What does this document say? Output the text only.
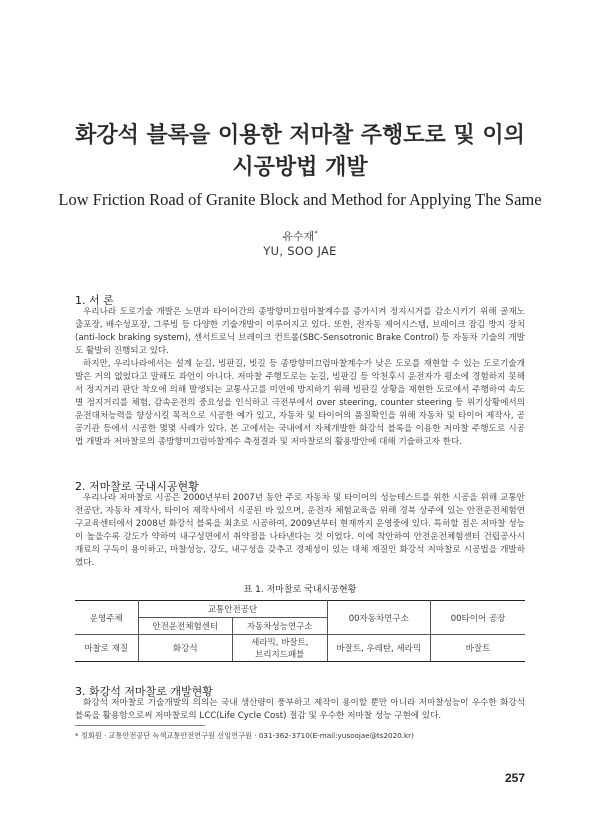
화강석 블록을 이용한 저마찰 주행도로 및 이의
시공방법 개발
Low Friction Road of Granite Block and Method for Applying The Same
유수재*
YU, SOO JAE
1. 서 론

우리나라 도로기술 개발은 노면과 타이어간의 종방향미끄럼마찰계수를 증가시켜 정지시거를 감소시키기 위해 골재노출포장, 배수성포장, 그루빙 등 다양한 기술개발이 이루어지고 있다. 또한, 전자동 제어시스템, 브레이크 잠김 방지 장치(anti-lock braking system), 센서트로닉 브레이크 컨트롤(SBC-Sensotronic Brake Control) 등 자동차 기술의 개발도 활발히 진행되고 있다.

하지만, 우리나라에서는 설계 눈길, 빙판길, 빗길 등 종방향미끄럼마찰계수가 낮은 도로를 재현할 수 있는 도로기술개발은 거의 없었다고 말해도 과언이 아니다. 저마찰 주행도로는 눈길, 빙판길 등 악천후시 운전자가 평소에 경험하지 못해서 정지거리 판단 착오에 의해 발생되는 교통사고를 미연에 방지하기 위해 빙판길 상황을 재현한 도로에서 주행하여 속도별 정지거리를 체험, 감속운전의 중요성을 인식하고 극전부에서 over steering, counter steering 등 위기상황에서의 운전대처능력을 향상시킬 목적으로 시공한 예가 있고, 자동차 및 타이어의 품질확인을 위해 자동차 및 타이어 제작사, 공공기관 등에서 시공한 몇몇 사례가 있다. 본 고에서는 국내에서 자체개발한 화강석 블록을 이용한 저마찰 주행도로 시공법 개발과 저마찰로의 종방향미끄럼마찰계수 측정결과 및 저마찰로의 활용방안에 대해 기술하고자 한다.

2. 저마찰로 국내시공현황

우리나라 저마찰로 시공은 2000년부터 2007년 동안 주로 자동차 및 타이어의 성능테스트를 위한 시공을 위해 교통안전공단, 자동차 제작사, 타이어 제작사에서 시공된 바 있으며, 운전자 체험교육을 위해 경북 상주에 있는 안전운전체험연구교육센터에서 2008년 화강석 블록을 최초로 시공하여, 2009년부터 현재까지 운영중에 있다. 특히할 점은 저마찰 성능이 높을수록 강도가 약하여 내구성면에서 취약점을 나타낸다는 것 이었다. 이에 착안하여 안전운전체험센터 건립공사시 재료의 구득이 용이하고, 마찰성능, 강도, 내구성을 갖추고 경제성이 있는 대체 재질인 화강석 저마찰로 시공법을 개발하였다.

표 1. 저마찰로 국내시공현황
운영주체	교통안전공단		00자동차연구소	00타이어 공장
	안전운전체험센터	자동차성능연구소		
마찰로 재질	화강석	세라믹, 바잘트, 브리지드패블	바잘트, 우레탄, 세라믹	바잘트
3. 화강석 저마찰로 개발현황

화강석 저마찰로 기술개발의 의의는 국내 생산량이 풍부하고 제작이 용이할 뿐만 아니라 저마찰성능이 우수한 화강석 블록을 활용함으로써 저마찰로의 LCC(Life Cycle Cost) 절감 및 우수한 저마찰 성능 구현에 있다.

* 정회원 · 교통안전공단 녹색교통안전연구원 선임연구원 · 031-362-3710(E-mail:yusoojae@ts2020.kr)
257
